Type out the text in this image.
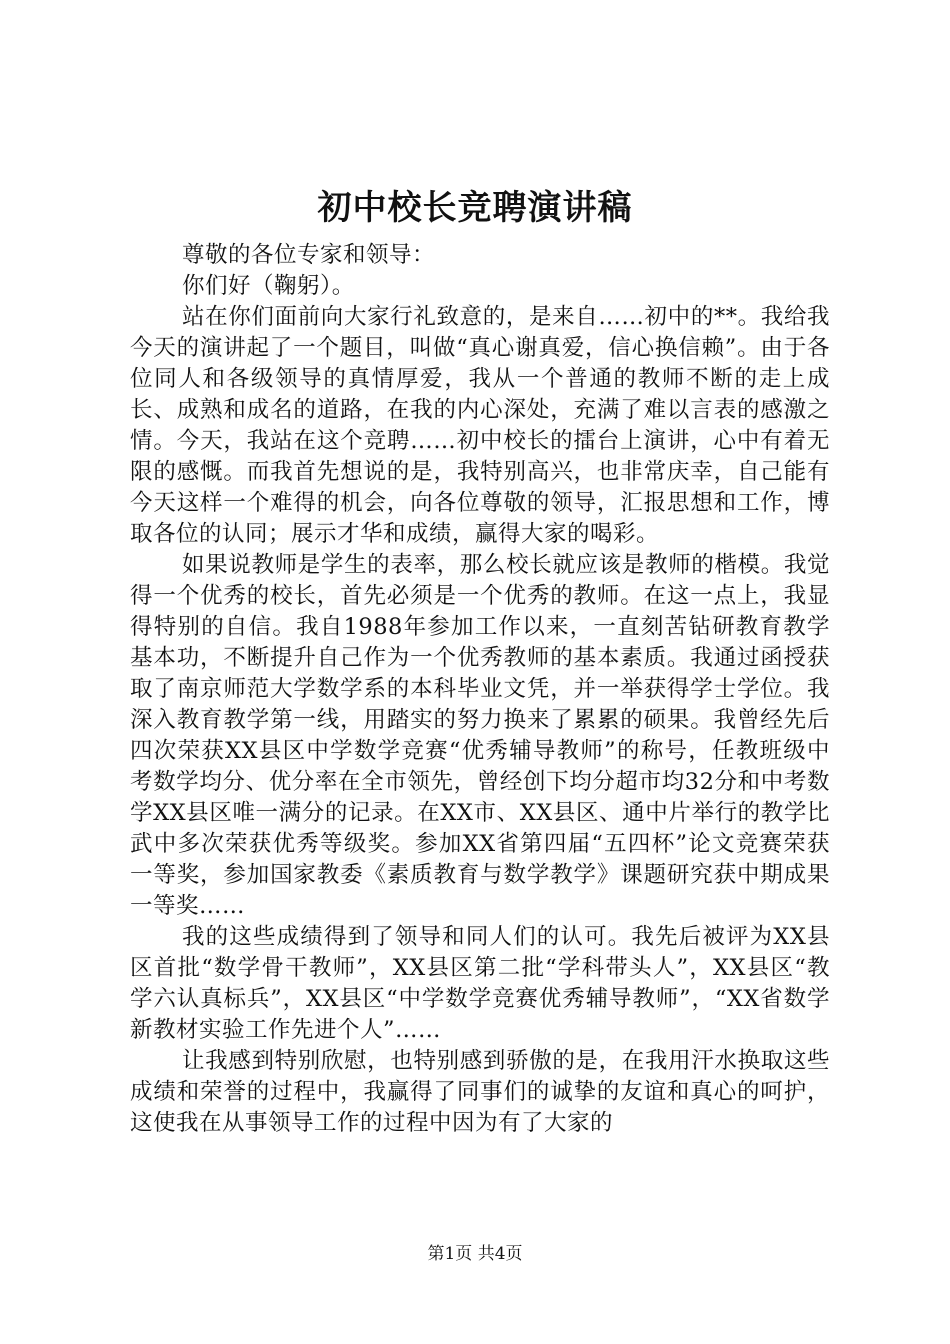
初中校长竞聘演讲稿

尊敬的各位专家和领导：

你们好（鞠躬）。

站在你们面前向大家行礼致意的，是来自……初中的**。我给我今天的演讲起了一个题目，叫做“真心谢真爱，信心换信赖”。由于各位同人和各级领导的真情厚爱，我从一个普通的教师不断的走上成长、成熟和成名的道路，在我的内心深处，充满了难以言表的感激之情。今天，我站在这个竞聘……初中校长的擂台上演讲，心中有着无限的感慨。而我首先想说的是，我特别高兴，也非常庆幸，自己能有今天这样一个难得的机会，向各位尊敬的领导，汇报思想和工作，博取各位的认同；展示才华和成绩，赢得大家的喝彩。

如果说教师是学生的表率，那么校长就应该是教师的楷模。我觉得一个优秀的校长，首先必须是一个优秀的教师。在这一点上，我显得特别的自信。我自1988年参加工作以来，一直刻苦钻研教育教学基本功，不断提升自己作为一个优秀教师的基本素质。我通过函授获取了南京师范大学数学系的本科毕业文凭，并一举获得学士学位。我深入教育教学第一线，用踏实的努力换来了累累的硕果。我曾经先后四次荣获XX县区中学数学竞赛“优秀辅导教师”的称号，任教班级中考数学均分、优分率在全市领先，曾经创下均分超市均32分和中考数学XX县区唯一满分的记录。在XX市、XX县区、通中片举行的教学比武中多次荣获优秀等级奖。参加XX省第四届“五四杯”论文竞赛荣获一等奖，参加国家教委《素质教育与数学教学》课题研究获中期成果一等奖……

我的这些成绩得到了领导和同人们的认可。我先后被评为XX县区首批“数学骨干教师”，XX县区第二批“学科带头人”，XX县区“教学六认真标兵”，XX县区“中学数学竞赛优秀辅导教师”，“XX省数学新教材实验工作先进个人”……

让我感到特别欣慰，也特别感到骄傲的是，在我用汗水换取这些成绩和荣誉的过程中，我赢得了同事们的诚挚的友谊和真心的呵护，这使我在从事领导工作的过程中因为有了大家的

第1页 共4页
